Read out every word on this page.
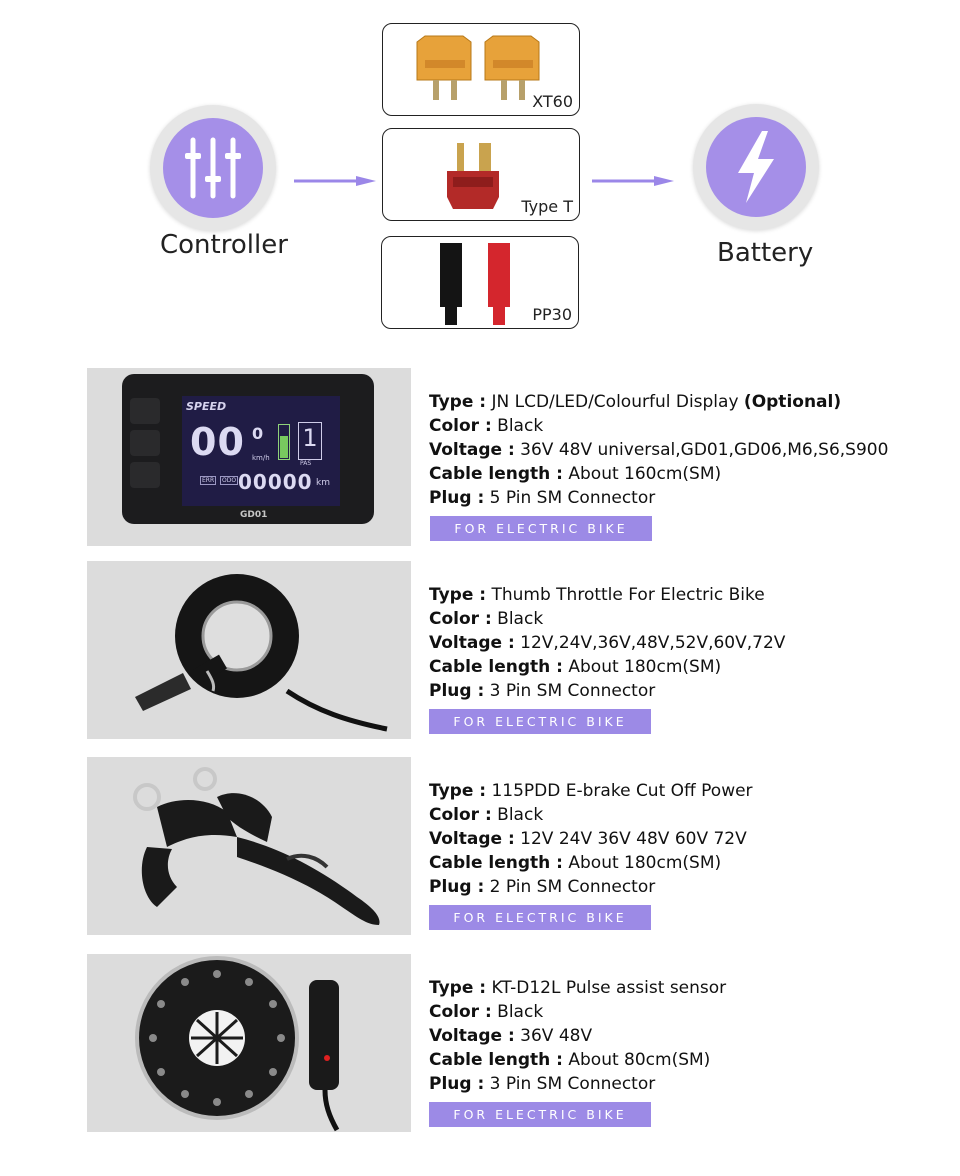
Controller	Battery
XT60
Type T
PP30
SPEED
00 0
km/h
1
PAS
ERR	ODO 00000 km
GD01
Type : JN LCD/LED/Colourful Display (Optional)
Color : Black
Voltage : 36V 48V universal,GD01,GD06,M6,S6,S900
Cable length : About 160cm(SM)
Plug : 5 Pin SM Connector
FOR ELECTRIC BIKE
Type : Thumb Throttle For Electric Bike
Color : Black
Voltage : 12V,24V,36V,48V,52V,60V,72V
Cable length : About 180cm(SM)
Plug : 3 Pin SM Connector
FOR ELECTRIC BIKE
Type : 115PDD E-brake Cut Off Power
Color : Black
Voltage : 12V 24V 36V 48V 60V 72V
Cable length : About 180cm(SM)
Plug : 2 Pin SM Connector
FOR ELECTRIC BIKE
Type : KT-D12L Pulse assist sensor
Color : Black
Voltage : 36V 48V
Cable length : About 80cm(SM)
Plug : 3 Pin SM Connector
FOR ELECTRIC BIKE
